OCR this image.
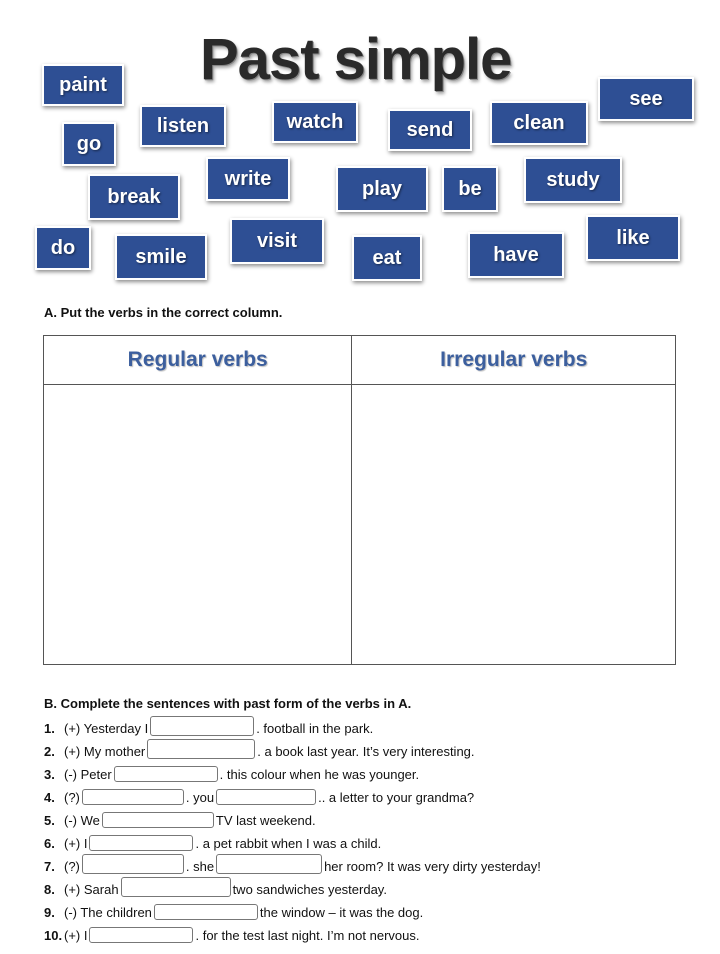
Past simple
paint
listen	watch	send	clean
see
go
write	play	be	study
break
do	smile
visit
eat	have
like
A. Put the verbs in the correct column.
Regular verbs	Irregular verbs

B. Complete the sentences with past form of the verbs in A.
1. (+) Yesterday I	. football in the park.
2. (+) My mother	. a book last year. It’s very interesting.
3. (-) Peter	. this colour when he was younger.
4. (?)	. you	.. a letter to your grandma?
5. (-) We	TV last weekend.
6. (+) I	. a pet rabbit when I was a child.
7. (?)	. she	her room? It was very dirty yesterday!
8. (+) Sarah	two sandwiches yesterday.
9. (-) The children	the window – it was the dog.
10. (+) I	. for the test last night. I’m not nervous.
